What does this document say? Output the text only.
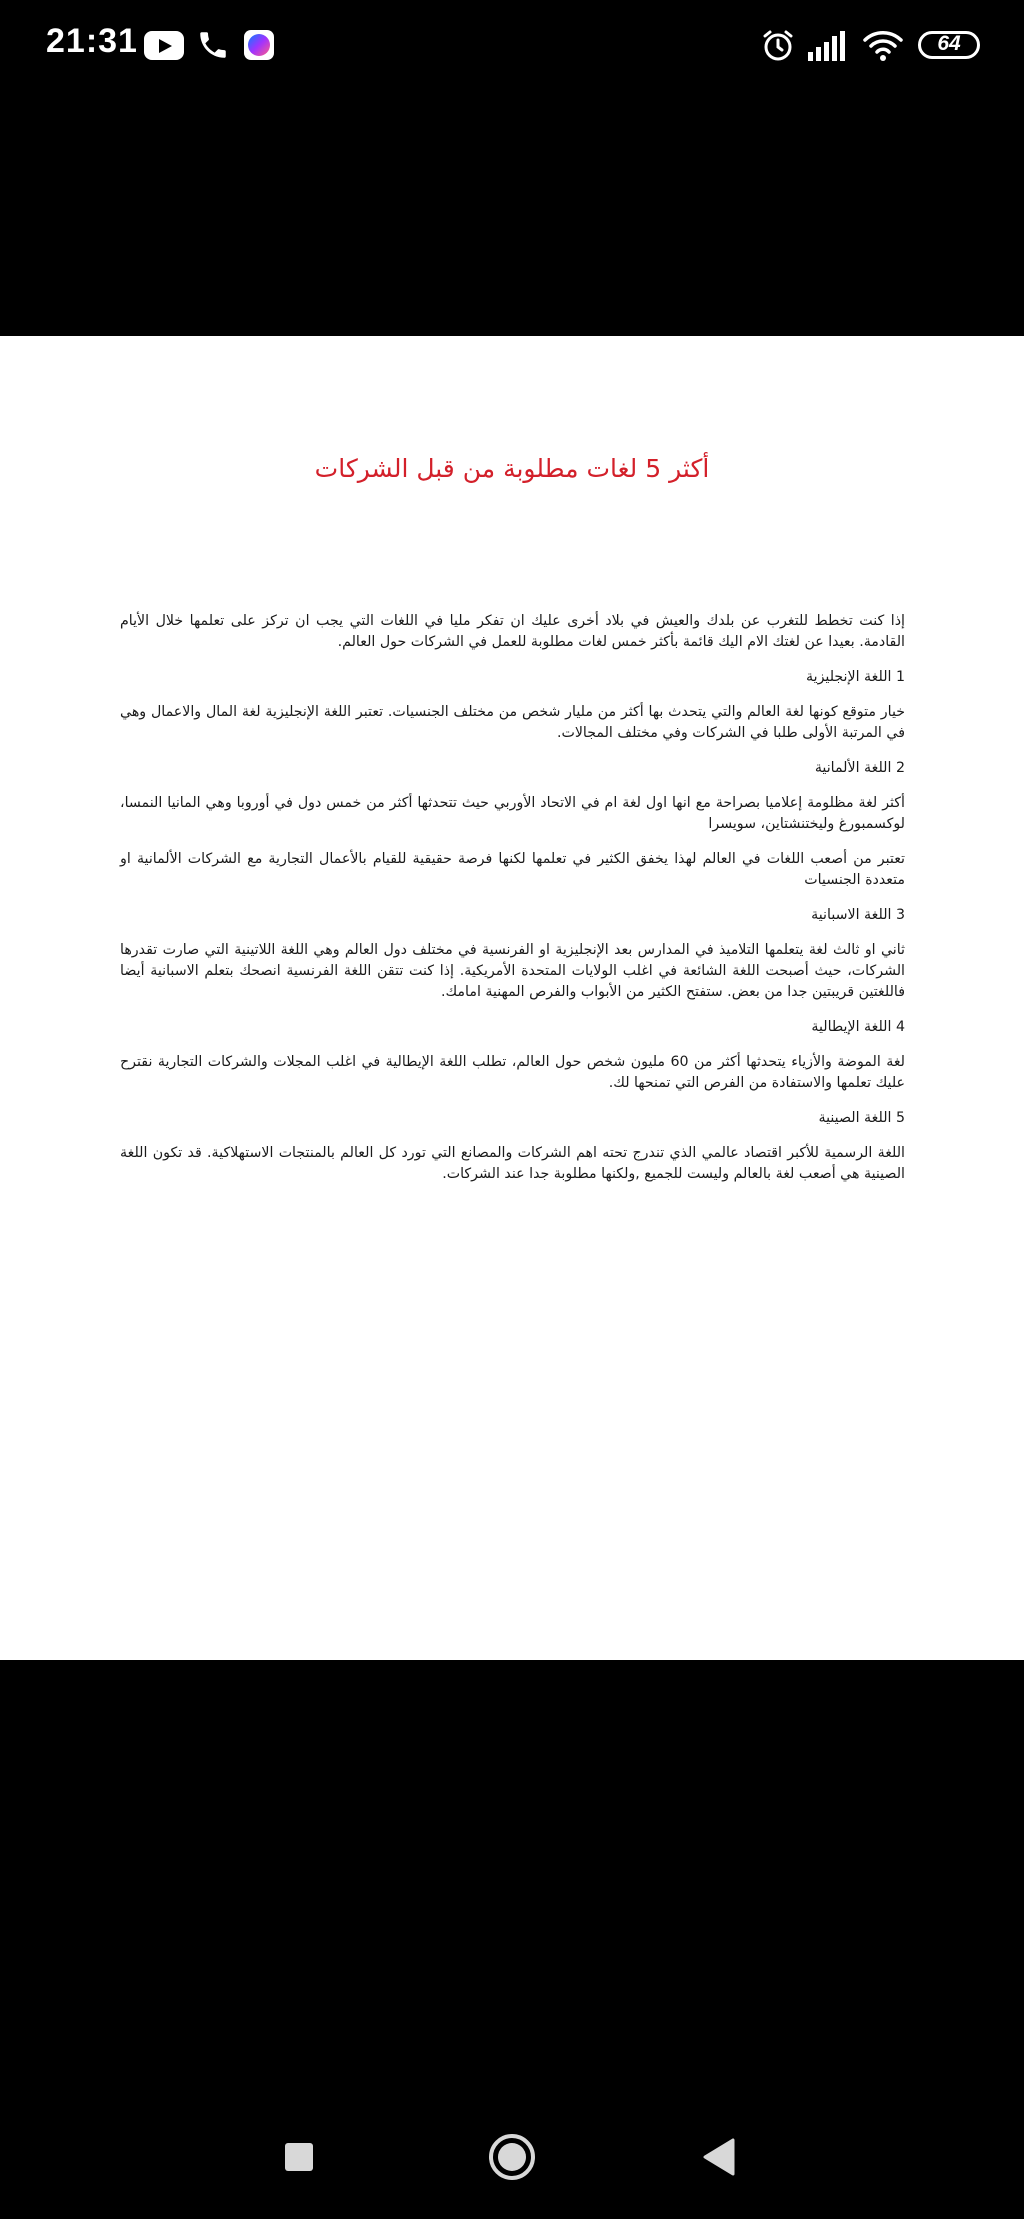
21:31	64
أكثر 5 لغات مطلوبة من قبل الشركات

إذا كنت تخطط للتغرب عن بلدك والعيش في بلاد أخرى عليك ان تفكر مليا في اللغات التي يجب ان تركز على تعلمها خلال الأيام القادمة. بعيدا عن لغتك الام اليك قائمة بأكثر خمس لغات مطلوبة للعمل في الشركات حول العالم.

1 اللغة الإنجليزية

خيار متوقع كونها لغة العالم والتي يتحدث بها أكثر من مليار شخص من مختلف الجنسيات. تعتبر اللغة الإنجليزية لغة المال والاعمال وهي في المرتبة الأولى طلبا في الشركات وفي مختلف المجالات.

2 اللغة الألمانية

أكثر لغة مظلومة إعلاميا بصراحة مع انها اول لغة ام في الاتحاد الأوربي حيث تتحدثها أكثر من خمس دول في أوروبا وهي المانيا النمسا، لوكسمبورغ وليختنشتاين، سويسرا

تعتبر من أصعب اللغات في العالم لهذا يخفق الكثير في تعلمها لكنها فرصة حقيقية للقيام بالأعمال التجارية مع الشركات الألمانية او متعددة الجنسيات

3 اللغة الاسبانية

ثاني او ثالث لغة يتعلمها التلاميذ في المدارس بعد الإنجليزية او الفرنسية في مختلف دول العالم وهي اللغة اللاتينية التي صارت تقدرها الشركات، حيث أصبحت اللغة الشائعة في اغلب الولايات المتحدة الأمريكية. إذا كنت تتقن اللغة الفرنسية انصحك بتعلم الاسبانية أيضا فاللغتين قريبتين جدا من بعض. ستفتح الكثير من الأبواب والفرص المهنية امامك.

4 اللغة الإيطالية

لغة الموضة والأزياء يتحدثها أكثر من 60 مليون شخص حول العالم، تطلب اللغة الإيطالية في اغلب المجلات والشركات التجارية نقترح عليك تعلمها والاستفادة من الفرص التي تمنحها لك.

5 اللغة الصينية

اللغة الرسمية للأكبر اقتصاد عالمي الذي تندرج تحته اهم الشركات والمصانع التي تورد كل العالم بالمنتجات الاستهلاكية. قد تكون اللغة الصينية هي أصعب لغة بالعالم وليست للجميع ,ولكنها مطلوبة جدا عند الشركات.
